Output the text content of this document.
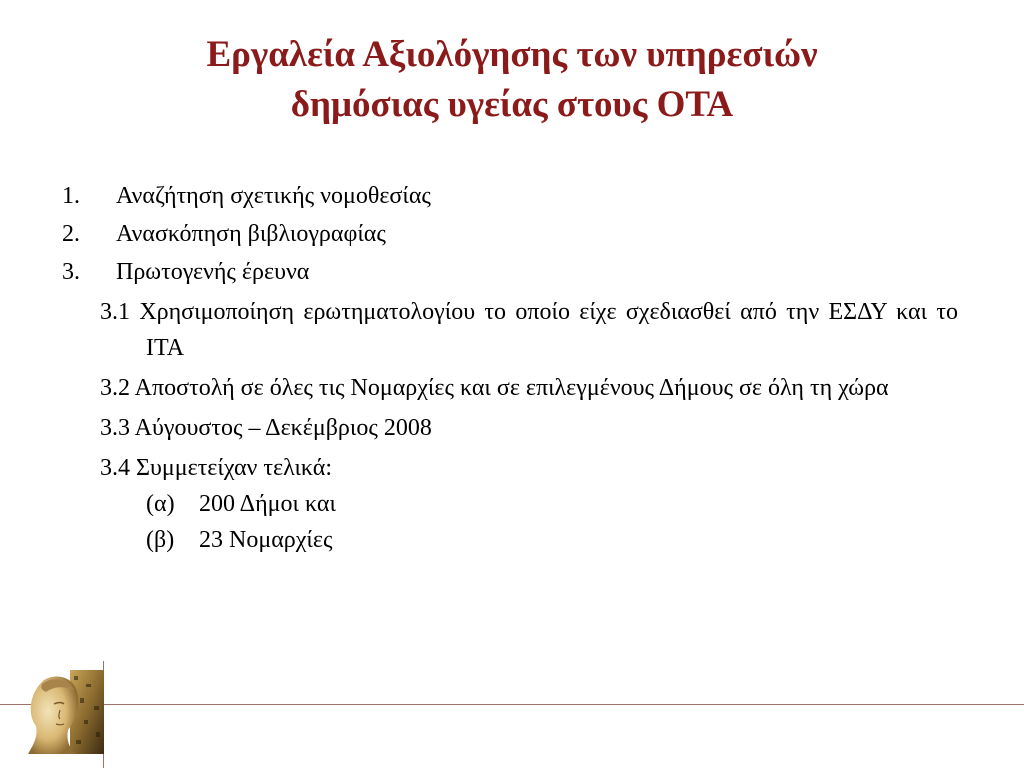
Εργαλεία Αξιολόγησης των υπηρεσιών
δημόσιας υγείας στους ΟΤΑ
1. Αναζήτηση σχετικής νομοθεσίας
2. Ανασκόπηση βιβλιογραφίας
3. Πρωτογενής έρευνα
3.1 Χρησιμοποίηση ερωτηματολογίου το οποίο είχε σχεδιασθεί από την ΕΣΔΥ και το ΙΤΑ
3.2 Αποστολή σε όλες τις Νομαρχίες και σε επιλεγμένους Δήμους σε όλη τη χώρα
3.3 Αύγουστος – Δεκέμβριος 2008
3.4 Συμμετείχαν τελικά:
(α) 200 Δήμοι και
(β) 23 Νομαρχίες
